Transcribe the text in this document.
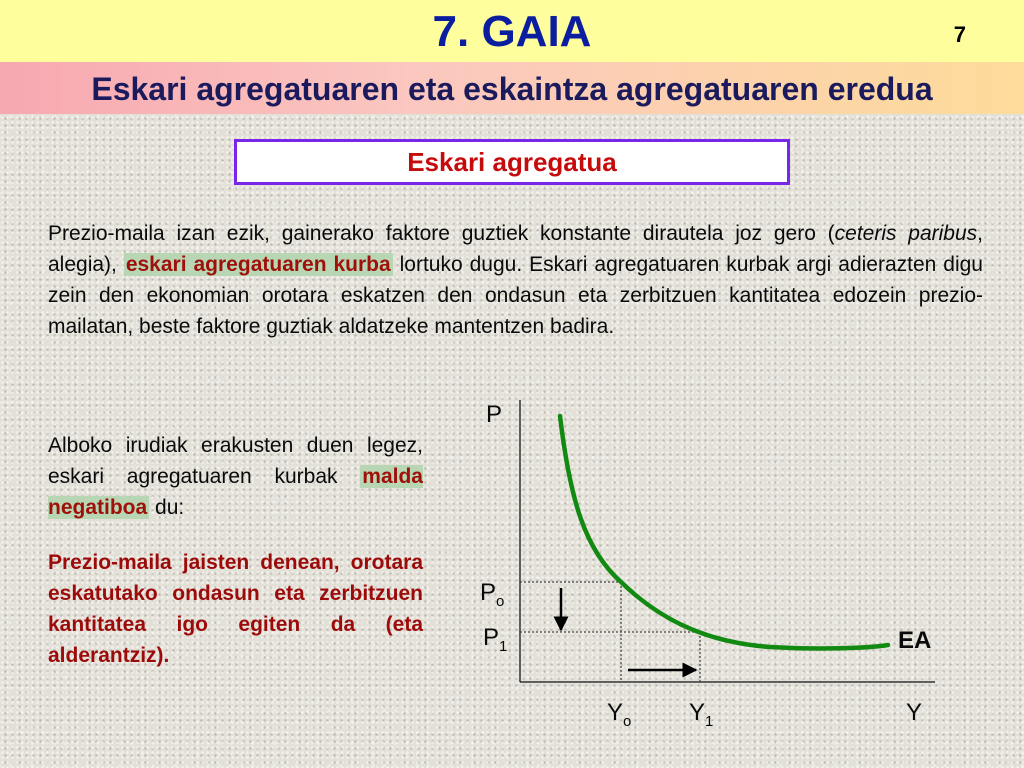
7. GAIA	7
Eskari agregatuaren eta eskaintza agregatuaren eredua
Eskari agregatua
Prezio-maila izan ezik, gainerako faktore guztiek konstante dirautela joz gero (ceteris paribus, alegia), eskari agregatuaren kurba lortuko dugu. Eskari agregatuaren kurbak argi adierazten digu zein den ekonomian orotara eskatzen den ondasun eta zerbitzuen kantitatea edozein prezio-mailatan, beste faktore guztiak aldatzeke mantentzen badira.
Alboko irudiak erakusten duen legez, eskari agregatuaren kurbak malda negatiboa du:
Prezio-maila jaisten denean, orotara eskatutako ondasun eta zerbitzuen kantitatea igo egiten da (eta alderantziz).
P
Y
$P_o$
$P_1$
$Y_o$ $Y_1$
EA
